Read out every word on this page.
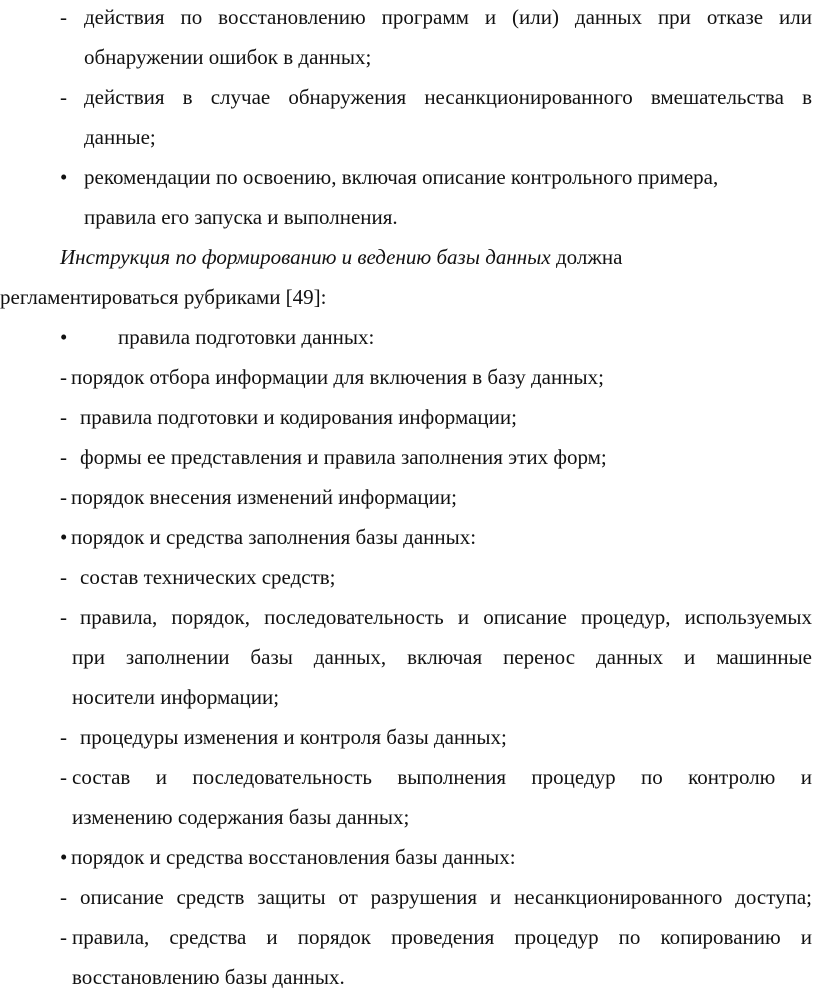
- действия по восстановлению программ и (или) данных при отказе или
обнаружении ошибок в данных;
- действия в случае обнаружения несанкционированного вмешательства в
данные;
• рекомендации по освоению, включая описание контрольного примера,
правила его запуска и выполнения.
Инструкция по формированию и ведению базы данных должна
регламентироваться рубриками [49]:
•	правила подготовки данных:
- порядок отбора информации для включения в базу данных;
- правила подготовки и кодирования информации;
- формы ее представления и правила заполнения этих форм;
- порядок внесения изменений информации;
• порядок и средства заполнения базы данных:
- состав технических средств;
- правила, порядок, последовательность и описание процедур, используемых
при заполнении базы данных, включая перенос данных и машинные
носители информации;
- процедуры изменения и контроля базы данных;
- состав и последовательность выполнения процедур по контролю и
изменению содержания базы данных;
• порядок и средства восстановления базы данных:
- описание средств защиты от разрушения и несанкционированного доступа;
- правила, средства и порядок проведения процедур по копированию и
восстановлению базы данных.
